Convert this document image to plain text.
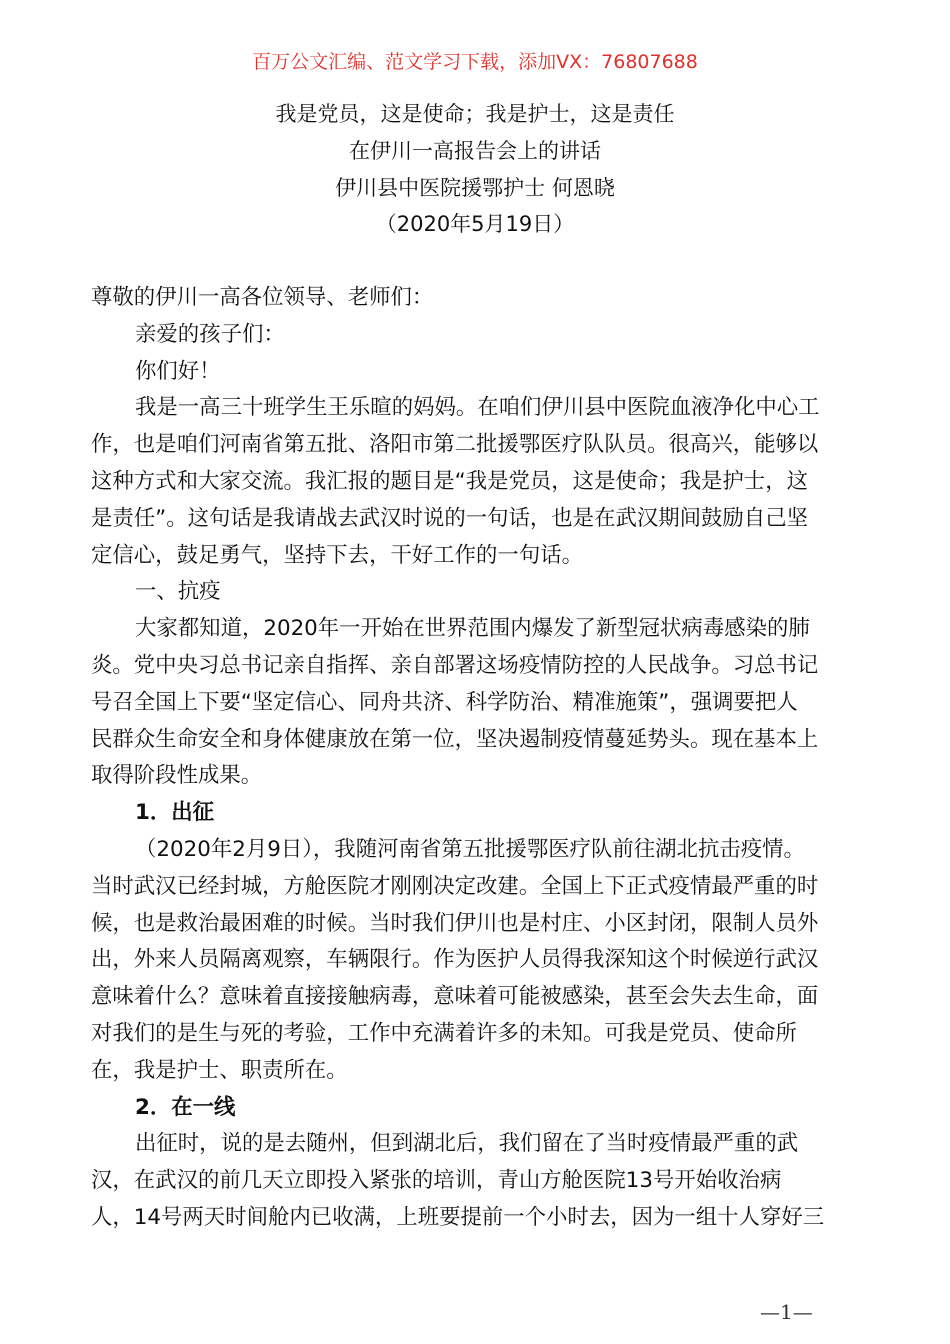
百万公文汇编、范文学习下载，添加VX：76807688
我是党员，这是使命；我是护士，这是责任
在伊川一高报告会上的讲话
伊川县中医院援鄂护士 何恩晓
（2020年5月19日）
尊敬的伊川一高各位领导、老师们：
亲爱的孩子们：
你们好！
我是一高三十班学生王乐暄的妈妈。在咱们伊川县中医院血液净化中心工
作，也是咱们河南省第五批、洛阳市第二批援鄂医疗队队员。很高兴，能够以
这种方式和大家交流。我汇报的题目是“我是党员，这是使命；我是护士，这
是责任”。这句话是我请战去武汉时说的一句话，也是在武汉期间鼓励自己坚
定信心，鼓足勇气，坚持下去，干好工作的一句话。
一、抗疫
大家都知道，2020年一开始在世界范围内爆发了新型冠状病毒感染的肺
炎。党中央习总书记亲自指挥、亲自部署这场疫情防控的人民战争。习总书记
号召全国上下要“坚定信心、同舟共济、科学防治、精准施策”，强调要把人
民群众生命安全和身体健康放在第一位，坚决遏制疫情蔓延势头。现在基本上
取得阶段性成果。
1．出征
（2020年2月9日），我随河南省第五批援鄂医疗队前往湖北抗击疫情。
当时武汉已经封城，方舱医院才刚刚决定改建。全国上下正式疫情最严重的时
候，也是救治最困难的时候。当时我们伊川也是村庄、小区封闭，限制人员外
出，外来人员隔离观察，车辆限行。作为医护人员得我深知这个时候逆行武汉
意味着什么？意味着直接接触病毒，意味着可能被感染，甚至会失去生命，面
对我们的是生与死的考验，工作中充满着许多的未知。可我是党员、使命所
在，我是护士、职责所在。
2．在一线
出征时，说的是去随州，但到湖北后，我们留在了当时疫情最严重的武
汉，在武汉的前几天立即投入紧张的培训，青山方舱医院13号开始收治病
人，14号两天时间舱内已收满，上班要提前一个小时去，因为一组十人穿好三
—1—
